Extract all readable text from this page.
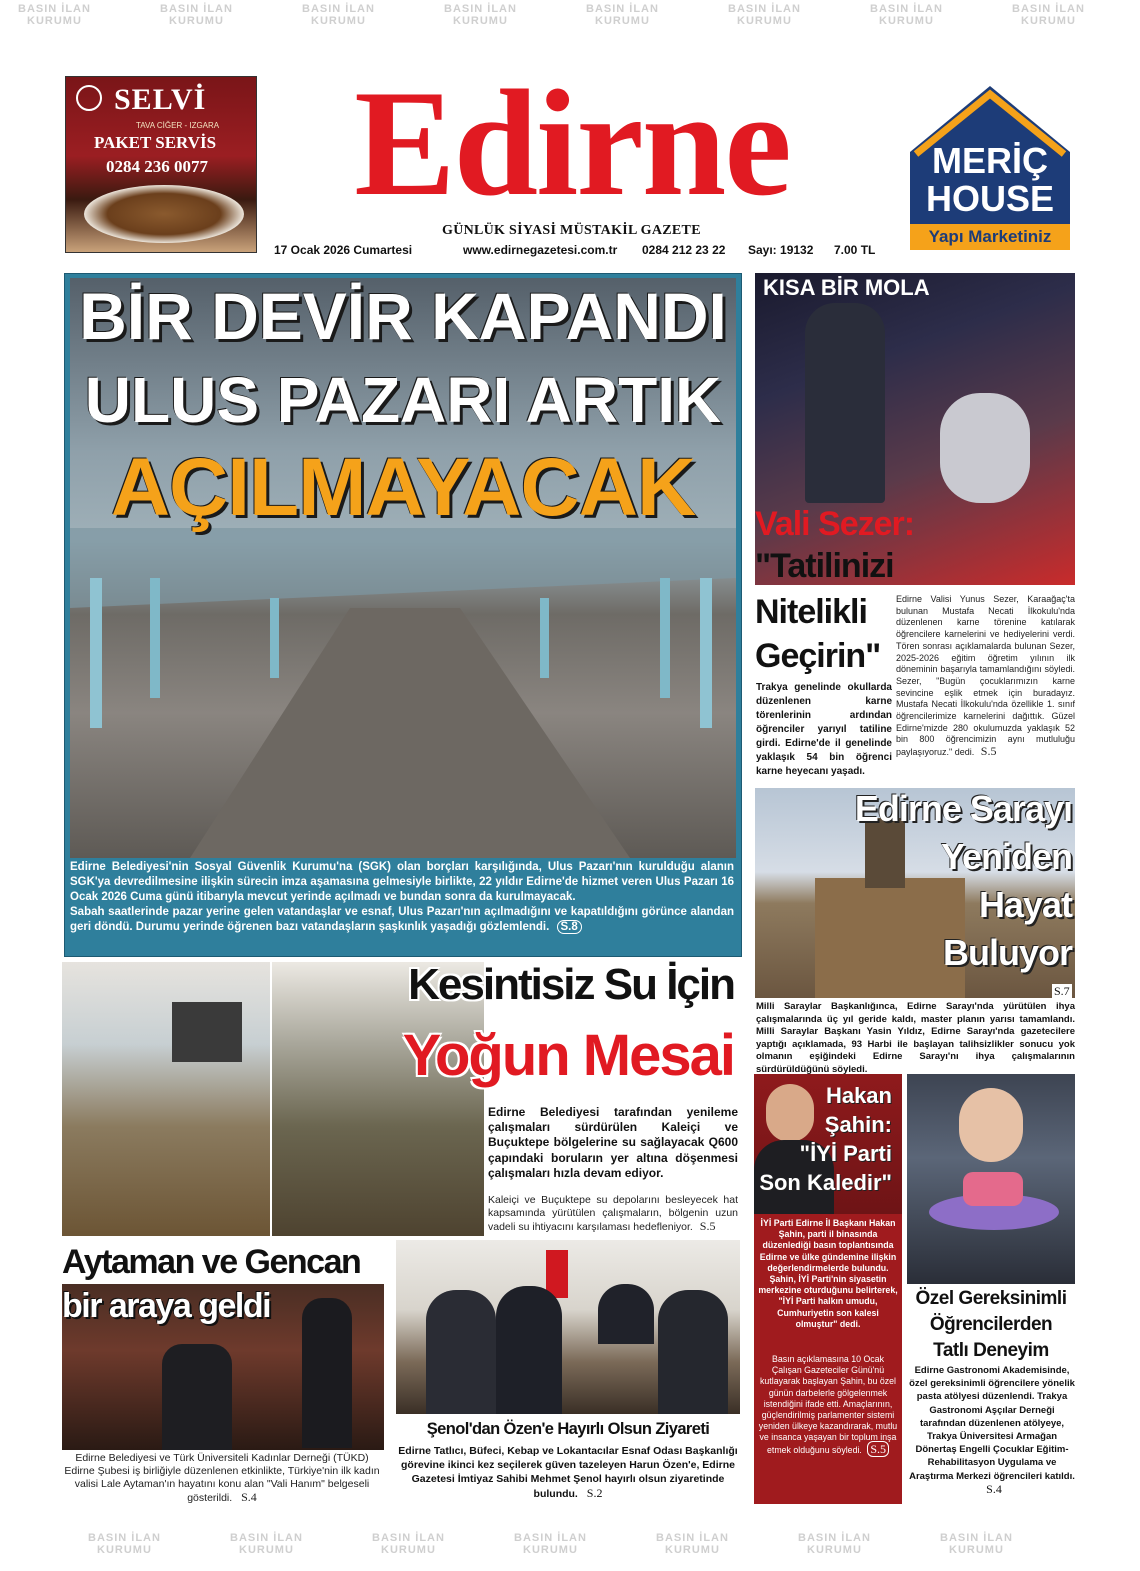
BASIN İLAN
KURUMU
BASIN İLAN
KURUMU
BASIN İLAN
KURUMU
BASIN İLAN
KURUMU
BASIN İLAN
KURUMU
BASIN İLAN
KURUMU
BASIN İLAN
KURUMU
BASIN İLAN
KURUMU
SELVİ
TAVA CİĞER - IZGARA
PAKET SERVİS
0284 236 0077 Edirne
GÜNLÜK SİYASİ MÜSTAKİL GAZETE
17 Ocak 2026 Cumartesi	www.edirnegazetesi.com.tr 0284 212 23 22 Sayı: 19132 7.00 TL
MERİÇ
HOUSE
Yapı Marketiniz
BİR DEVİR KAPANDI
ULUS PAZARI ARTIK
AÇILMAYACAK
Edirne Belediyesi'nin Sosyal Güvenlik Kurumu'na (SGK) olan borçları karşılığında, Ulus Pazarı'nın kurulduğu alanın SGK'ya devredilmesine ilişkin sürecin imza aşamasına gelmesiyle birlikte, 22 yıldır Edirne'de hizmet veren Ulus Pazarı 16 Ocak 2026 Cuma günü itibarıyla mevcut yerinde açılmadı ve bundan sonra da kurulmayacak.
Sabah saatlerinde pazar yerine gelen vatandaşlar ve esnaf, Ulus Pazarı'nın açılmadığını ve kapatıldığını görünce alandan geri döndü. Durumu yerinde öğrenen bazı vatandaşların şaşkınlık yaşadığı gözlemlendi. S.8
KISA BİR MOLA
Vali Sezer:
"Tatilinizi
Nitelikli
Geçirin"
Trakya genelinde okullarda düzenlenen karne törenlerinin ardından öğrenciler yarıyıl tatiline girdi. Edirne'de il genelinde yaklaşık 54 bin öğrenci karne heyecanı yaşadı.
Edirne Valisi Yunus Sezer, Karaağaç'ta bulunan Mustafa Necati İlkokulu'nda düzenlenen karne törenine katılarak öğrencilere karnelerini ve hediyelerini verdi. Tören sonrası açıklamalarda bulunan Sezer, 2025-2026 eğitim öğretim yılının ilk döneminin başarıyla tamamlandığını söyledi. Sezer, "Bugün çocuklarımızın karne sevincine eşlik etmek için buradayız. Mustafa Necati İlkokulu'nda özellikle 1. sınıf öğrencilerimize karnelerini dağıttık. Güzel Edirne'mizde 280 okulumuzda yaklaşık 52 bin 800 öğrencimizin aynı mutluluğu paylaşıyoruz." dedi. S.5
Edirne Sarayı
Yeniden
Hayat
Buluyor
S.7
Milli Saraylar Başkanlığınca, Edirne Sarayı'nda yürütülen ihya çalışmalarında üç yıl geride kaldı, master planın yarısı tamamlandı. Milli Saraylar Başkanı Yasin Yıldız, Edirne Sarayı'nda gazetecilere yaptığı açıklamada, 93 Harbi ile başlayan talihsizlikler sonucu yok olmanın eşiğindeki Edirne Sarayı'nı ihya çalışmalarının sürdürüldüğünü söyledi.
Kesintisiz Su İçin
Yoğun Mesai
Edirne Belediyesi tarafından yenileme çalışmaları sürdürülen Kaleiçi ve Buçuktepe bölgelerine su sağlayacak Q600 çapındaki boruların yer altına döşenmesi çalışmaları hızla devam ediyor.
Kaleiçi ve Buçuktepe su depolarını besleyecek hat kapsamında yürütülen çalışmaların, bölgenin uzun vadeli su ihtiyacını karşılaması hedefleniyor. S.5
Hakan
Şahin:
"İYİ Parti
Son Kaledir"
İYİ Parti Edirne İl Başkanı Hakan Şahin, parti il binasında düzenlediği basın toplantısında Edirne ve ülke gündemine ilişkin değerlendirmelerde bulundu. Şahin, İYİ Parti'nin siyasetin merkezine oturduğunu belirterek, "İYİ Parti halkın umudu, Cumhuriyetin son kalesi olmuştur" dedi.
Basın açıklamasına 10 Ocak Çalışan Gazeteciler Günü'nü kutlayarak başlayan Şahin, bu özel günün darbelerle gölgelenmek istendiğini ifade etti. Amaçlarının, güçlendirilmiş parlamenter sistemi yeniden ülkeye kazandırarak, mutlu ve insanca yaşayan bir toplum inşa etmek olduğunu söyledi. S.5
Özel Gereksinimli
Öğrencilerden
Tatlı Deneyim
Edirne Gastronomi Akademisinde, özel gereksinimli öğrencilere yönelik pasta atölyesi düzenlendi. Trakya Gastronomi Aşçılar Derneği tarafından düzenlenen atölyeye, Trakya Üniversitesi Armağan Dönertaş Engelli Çocuklar Eğitim-Rehabilitasyon Uygulama ve Araştırma Merkezi öğrencileri katıldı. S.4
Aytaman ve Gencan
bir araya geldi
Edirne Belediyesi ve Türk Üniversiteli Kadınlar Derneği (TÜKD) Edirne Şubesi iş birliğiyle düzenlenen etkinlikte, Türkiye'nin ilk kadın valisi Lale Aytaman'ın hayatını konu alan "Vali Hanım" belgeseli gösterildi. S.4
Şenol'dan Özen'e Hayırlı Olsun Ziyareti
Edirne Tatlıcı, Büfeci, Kebap ve Lokantacılar Esnaf Odası Başkanlığı görevine ikinci kez seçilerek güven tazeleyen Harun Özen'e, Edirne Gazetesi İmtiyaz Sahibi Mehmet Şenol hayırlı olsun ziyaretinde bulundu. S.2
BASIN İLAN
KURUMU
BASIN İLAN
KURUMU
BASIN İLAN
KURUMU
BASIN İLAN
KURUMU
BASIN İLAN
KURUMU
BASIN İLAN
KURUMU
BASIN İLAN
KURUMU
